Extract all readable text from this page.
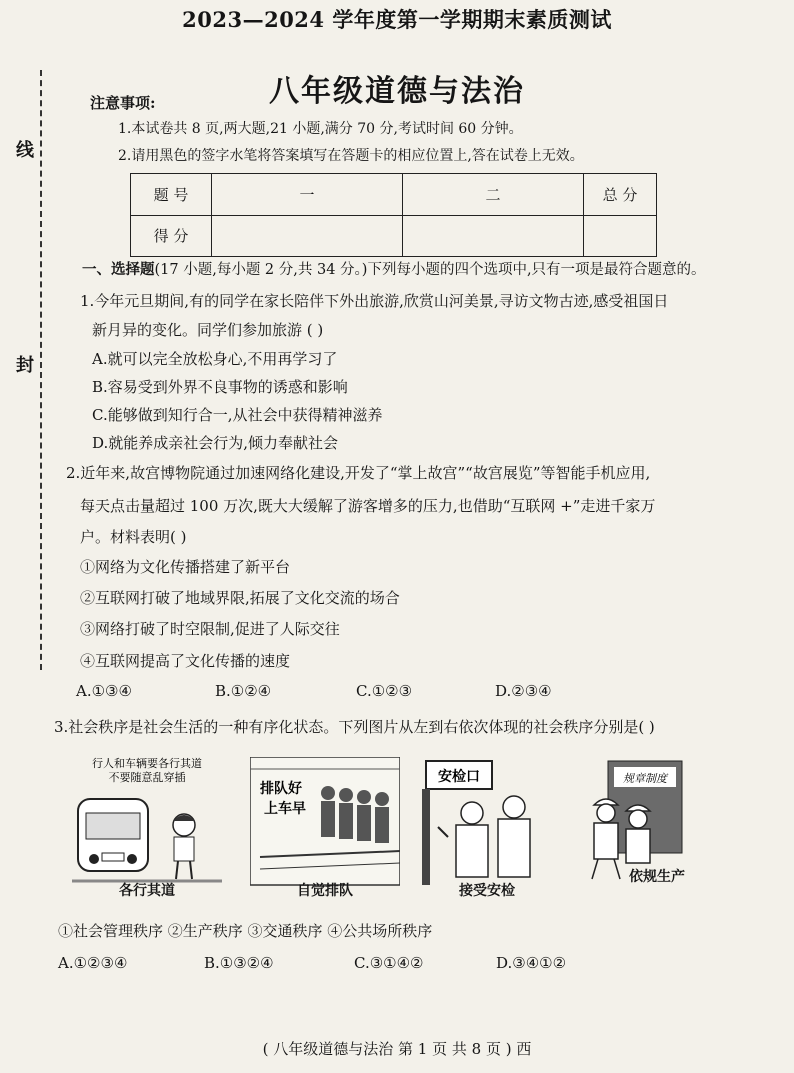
线
封
2023—2024 学年度第一学期期末素质测试
八年级道德与法治
注意事项:
1.本试卷共 8 页,两大题,21 小题,满分 70 分,考试时间 60 分钟。
2.请用黑色的签字水笔将答案填写在答题卡的相应位置上,答在试卷上无效。
题 号	一	二	总 分
得 分			
一、选择题(17 小题,每小题 2 分,共 34 分。)下列每小题的四个选项中,只有一项是最符合题意的。
1.今年元旦期间,有的同学在家长陪伴下外出旅游,欣赏山河美景,寻访文物古迹,感受祖国日
新月异的变化。同学们参加旅游 ( )
A.就可以完全放松身心,不用再学习了
B.容易受到外界不良事物的诱惑和影响
C.能够做到知行合一,从社会中获得精神滋养
D.就能养成亲社会行为,倾力奉献社会
2.近年来,故宫博物院通过加速网络化建设,开发了“掌上故宫”“故宫展览”等智能手机应用,
每天点击量超过 100 万次,既大大缓解了游客增多的压力,也借助“互联网 +”走进千家万
户。材料表明( )
①网络为文化传播搭建了新平台
②互联网打破了地域界限,拓展了文化交流的场合
③网络打破了时空限制,促进了人际交往
④互联网提高了文化传播的速度
A.①③④	B.①②④	C.①②③	D.②③④
3.社会秩序是社会生活的一种有序化状态。下列图片从左到右依次体现的社会秩序分别是( )
行人和车辆要各行其道
不要随意乱穿插
各行其道
排队好
上车早
自觉排队
安检口
接受安检
规章制度
依规生产
①社会管理秩序 ②生产秩序 ③交通秩序 ④公共场所秩序
A.①②③④	B.①③②④	C.③①④②	D.③④①②
( 八年级道德与法治 第 1 页 共 8 页 ) 西
